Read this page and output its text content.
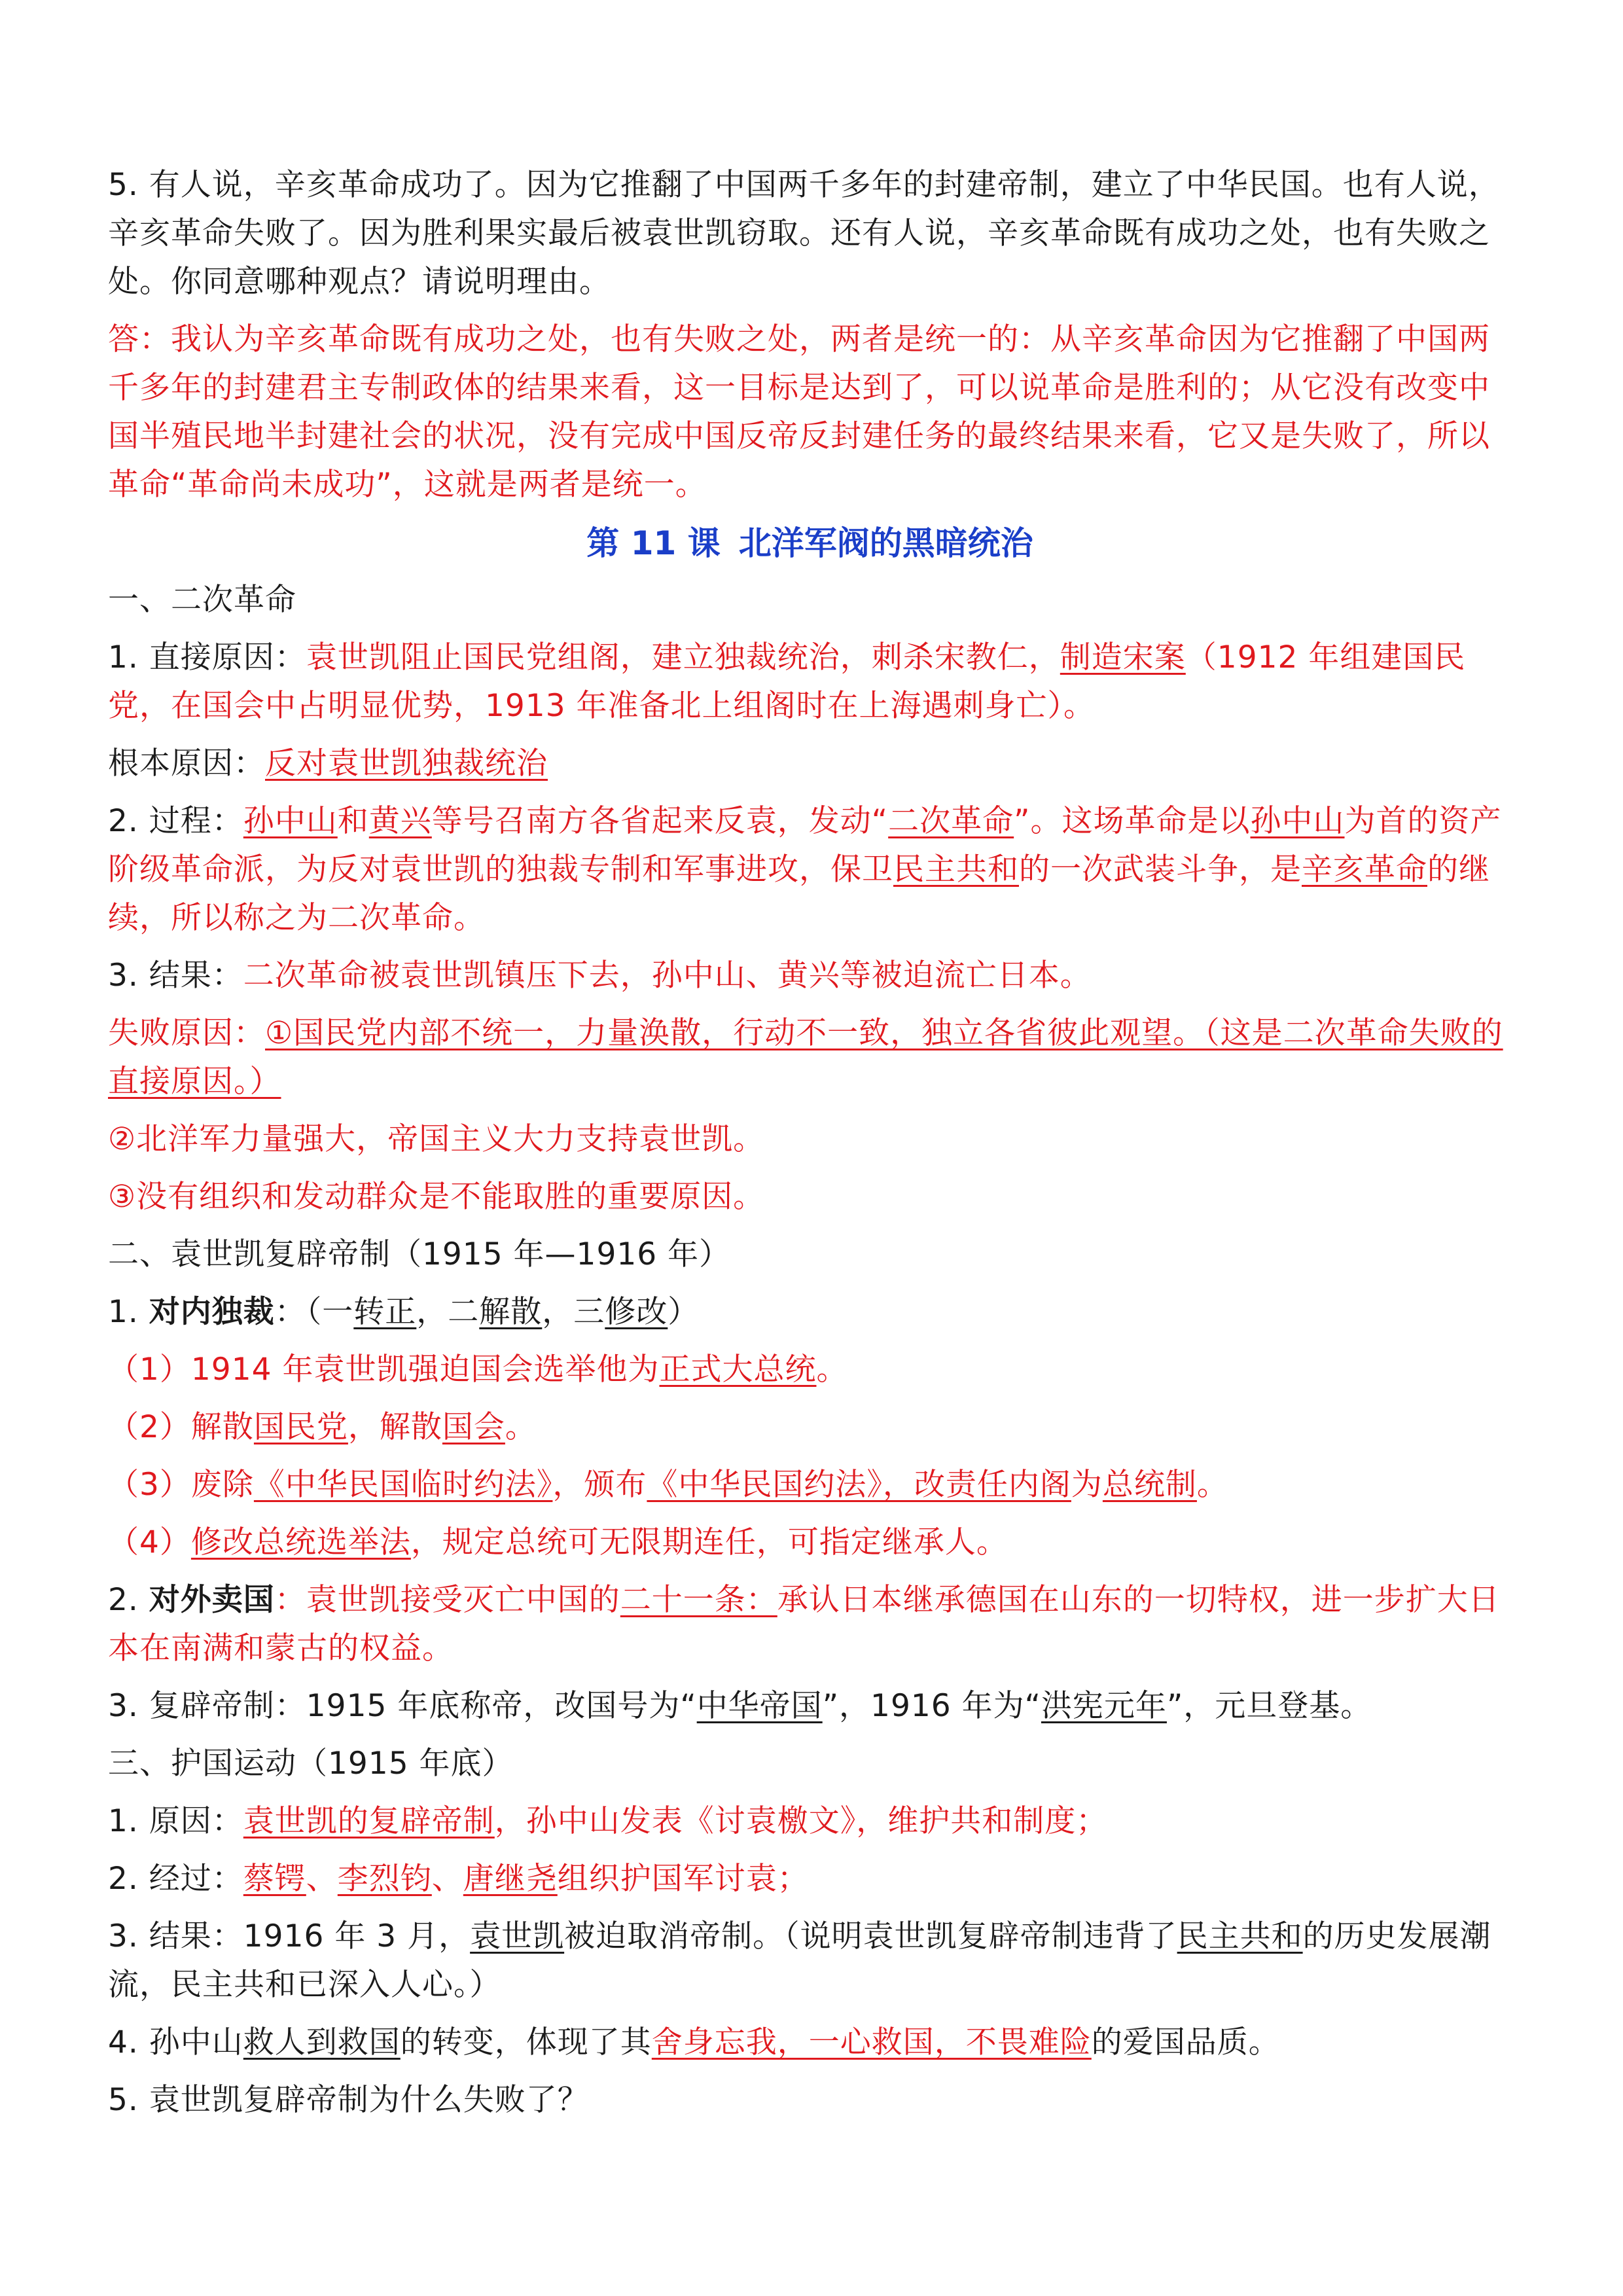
5. 有人说，辛亥革命成功了。因为它推翻了中国两千多年的封建帝制，建立了中华民国。也有人说，辛亥革命失败了。因为胜利果实最后被袁世凯窃取。还有人说，辛亥革命既有成功之处，也有失败之处。你同意哪种观点？请说明理由。

答：我认为辛亥革命既有成功之处，也有失败之处，两者是统一的：从辛亥革命因为它推翻了中国两千多年的封建君主专制政体的结果来看，这一目标是达到了，可以说革命是胜利的；从它没有改变中国半殖民地半封建社会的状况，没有完成中国反帝反封建任务的最终结果来看，它又是失败了，所以革命“革命尚未成功”，这就是两者是统一。

第 11 课 北洋军阀的黑暗统治

一、二次革命

1. 直接原因：袁世凯阻止国民党组阁，建立独裁统治，刺杀宋教仁，制造宋案（1912 年组建国民党，在国会中占明显优势，1913 年准备北上组阁时在上海遇刺身亡）。

根本原因：反对袁世凯独裁统治

2. 过程：孙中山和黄兴等号召南方各省起来反袁，发动“二次革命”。这场革命是以孙中山为首的资产阶级革命派，为反对袁世凯的独裁专制和军事进攻，保卫民主共和的一次武装斗争，是辛亥革命的继续，所以称之为二次革命。

3. 结果：二次革命被袁世凯镇压下去，孙中山、黄兴等被迫流亡日本。

失败原因：①国民党内部不统一，力量涣散，行动不一致，独立各省彼此观望。（这是二次革命失败的直接原因。）

②北洋军力量强大，帝国主义大力支持袁世凯。

③没有组织和发动群众是不能取胜的重要原因。

二、袁世凯复辟帝制（1915 年—1916 年）

1. 对内独裁：（一转正，二解散，三修改）

（1）1914 年袁世凯强迫国会选举他为正式大总统。

（2）解散国民党，解散国会。

（3）废除《中华民国临时约法》，颁布《中华民国约法》，改责任内阁为总统制。

（4）修改总统选举法，规定总统可无限期连任，可指定继承人。

2. 对外卖国：袁世凯接受灭亡中国的二十一条：承认日本继承德国在山东的一切特权，进一步扩大日本在南满和蒙古的权益。

3. 复辟帝制：1915 年底称帝，改国号为“中华帝国”，1916 年为“洪宪元年”，元旦登基。

三、护国运动（1915 年底）

1. 原因：袁世凯的复辟帝制，孙中山发表《讨袁檄文》，维护共和制度；

2. 经过：蔡锷、李烈钧、唐继尧组织护国军讨袁；

3. 结果：1916 年 3 月，袁世凯被迫取消帝制。（说明袁世凯复辟帝制违背了民主共和的历史发展潮流，民主共和已深入人心。）

4. 孙中山救人到救国的转变，体现了其舍身忘我，一心救国，不畏难险的爱国品质。

5. 袁世凯复辟帝制为什么失败了？
